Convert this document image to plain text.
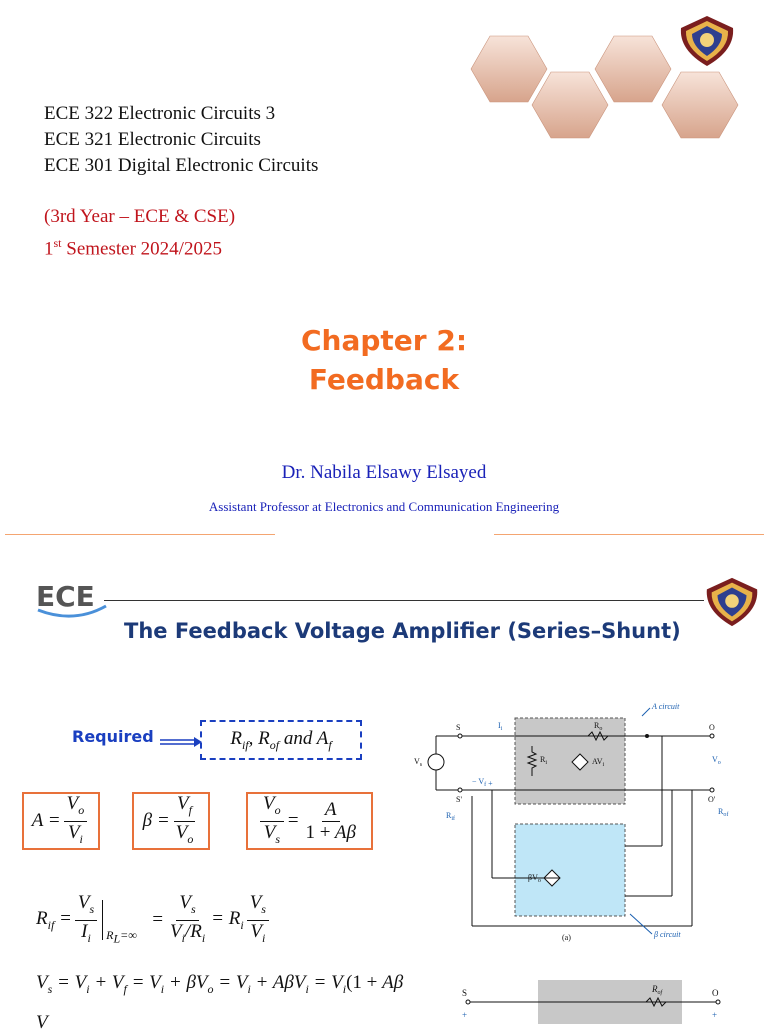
ECE 322 Electronic Circuits 3
ECE 321 Electronic Circuits
ECE 301 Digital Electronic Circuits
(3rd Year – ECE & CSE)
1st Semester 2024/2025
Chapter 2:
Feedback
Dr. Nabila Elsawy Elsayed
Assistant Professor at Electronics and Communication Engineering
ECE
The Feedback Voltage Amplifier (Series–Shunt)
Required	$R_{if}$, $R_{of}$ and $A_f$
$A = \frac{V_o}{V_i}$	$\beta = \frac{V_f}{V_o}$	$\frac{V_o}{V_s} = \frac{A}{1 + A\beta}$
$R_{if} = \frac{V_s}{I_i} R_L=\infty$
= $\frac{V_s}{V_i/R_i} = R_i \frac{V_s}{V_i}$
$V_s = V_i + V_f = V_i + \beta V_o = V_i + A\beta V_i = V_i(1 + A\beta$
V
S
S'
O
O'
$R_o$
$R_i$	$AV_i$
$\beta V_o$
$V_s$
$I_i$
− $V_f$ +
$V_o$
$R_{if}$
$R_{of}$
A circuit
β circuit
(a)
S
+
O
+
$R_{of}$
